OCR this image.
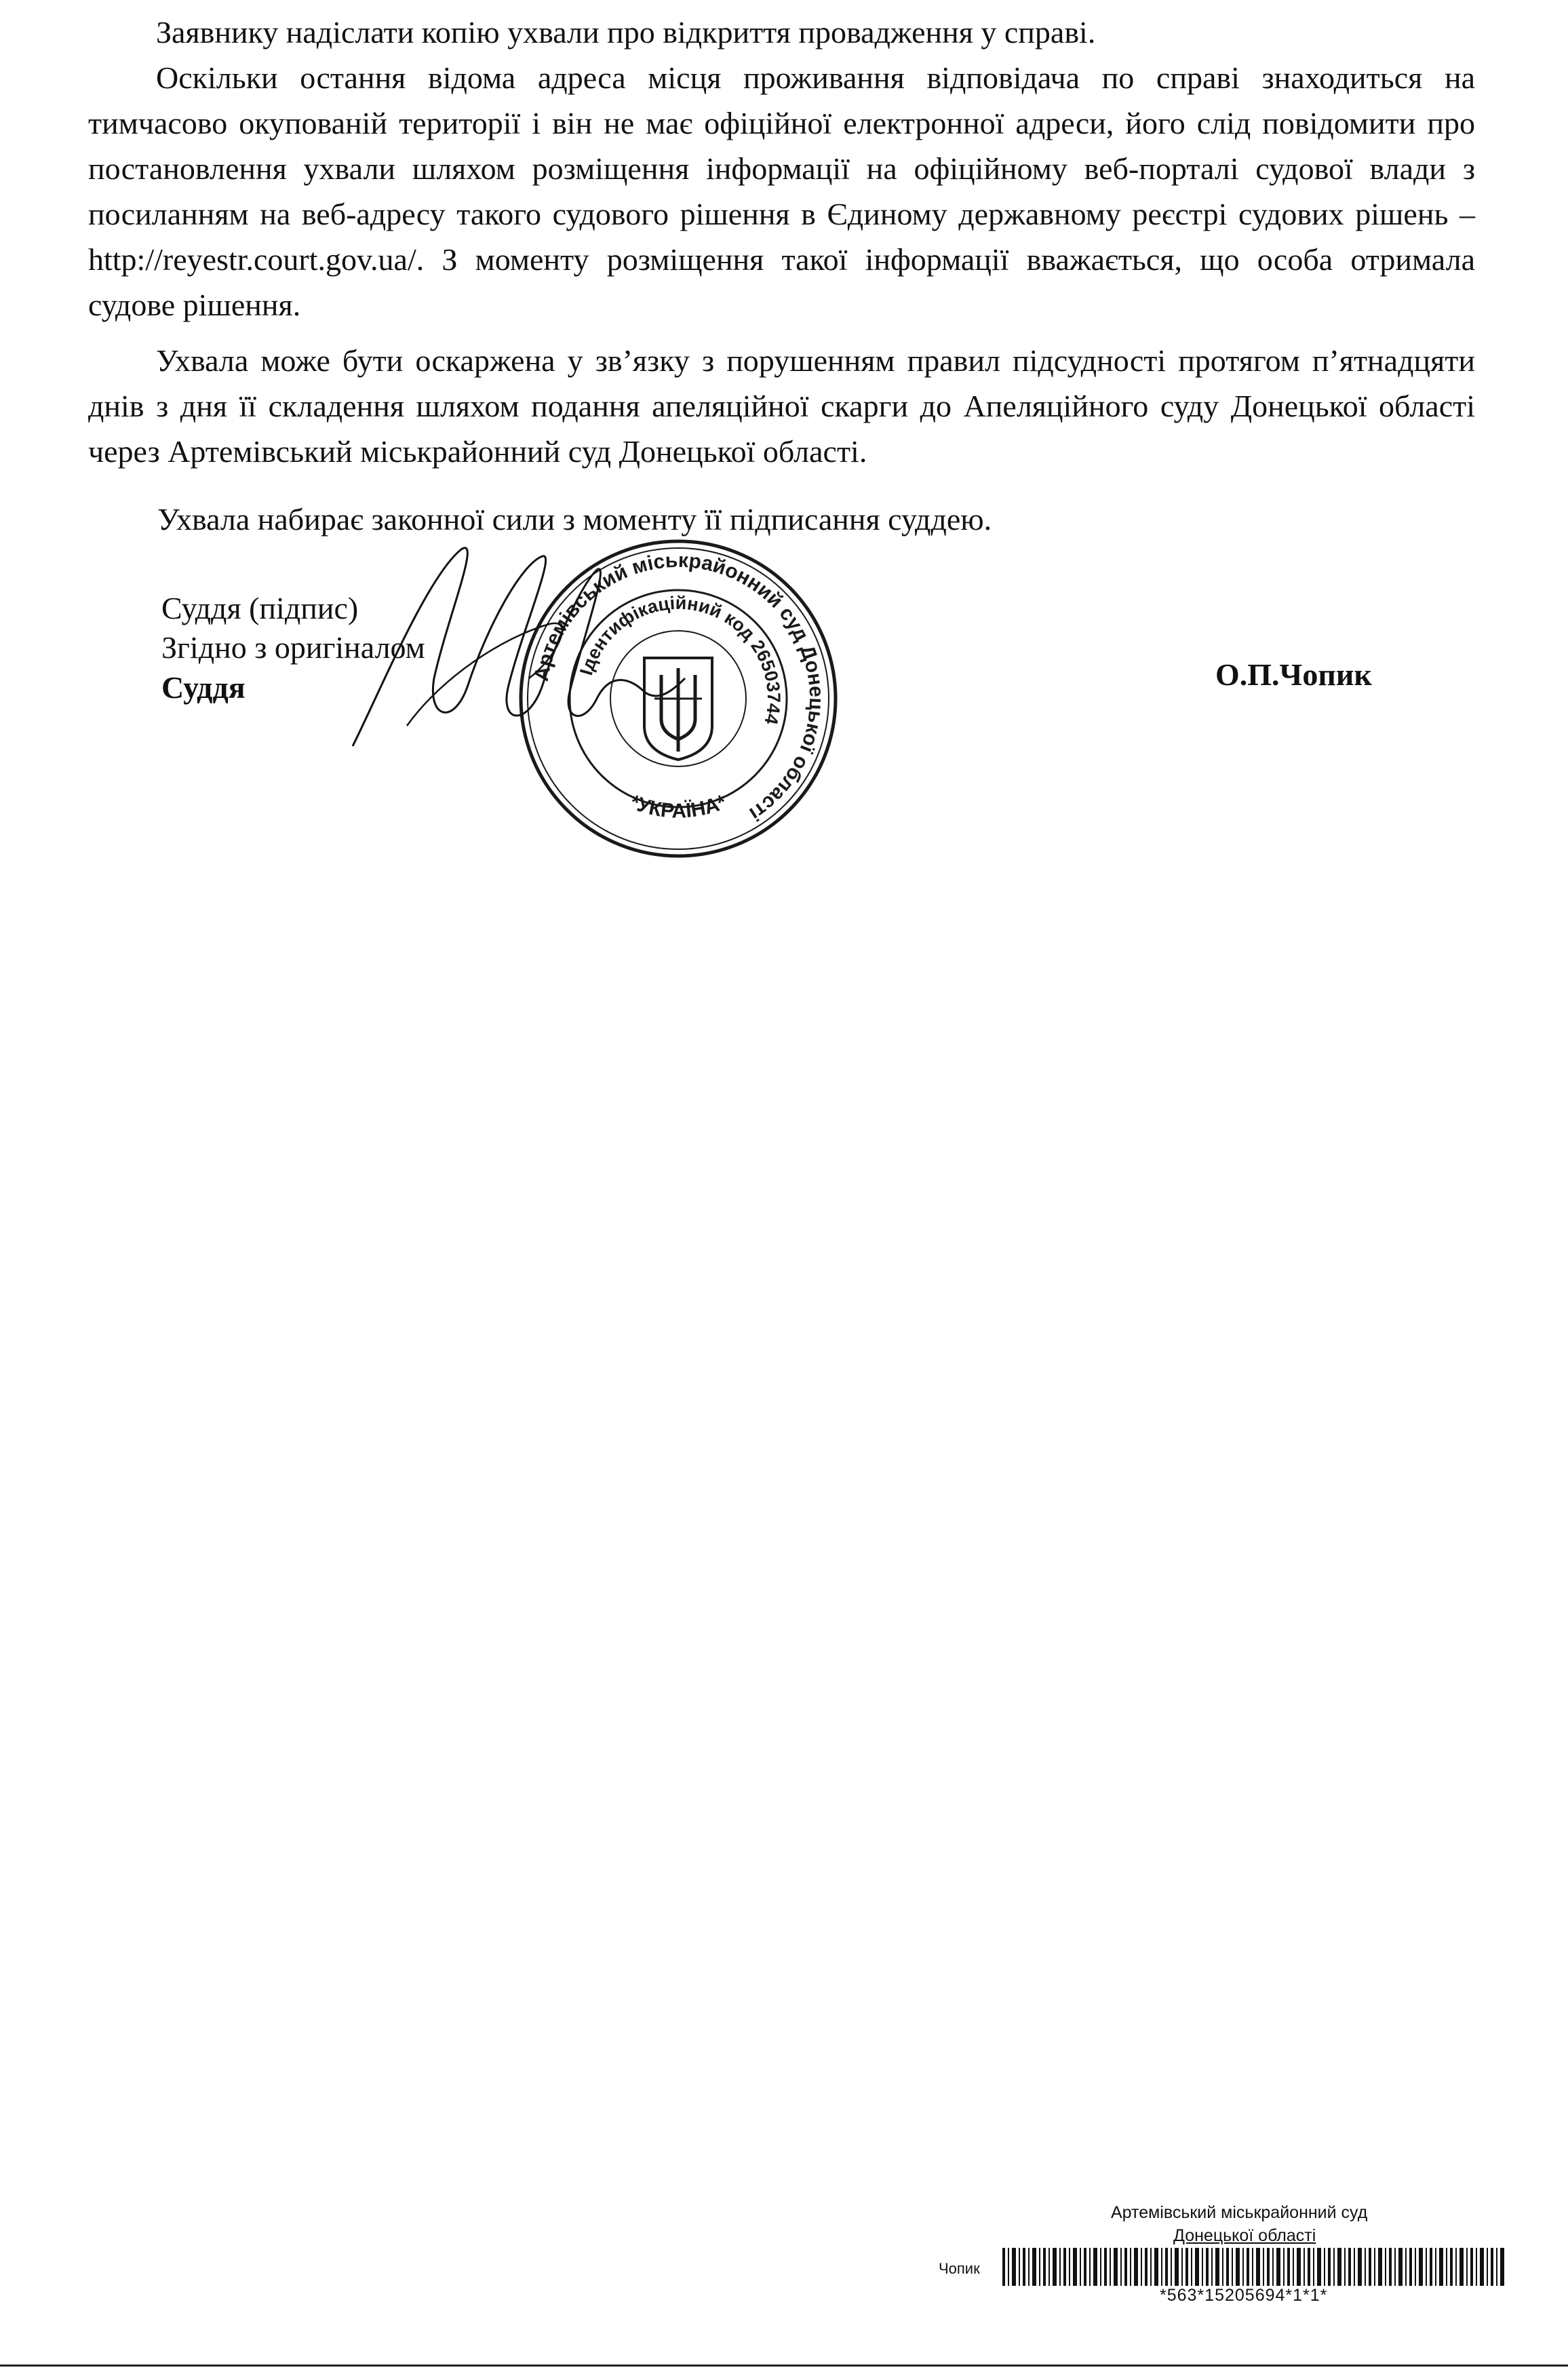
Заявнику надіслати копію ухвали про відкриття провадження у справі.

Оскільки остання відома адреса місця проживання відповідача по справі знаходиться на тимчасово окупованій території і він не має офіційної електронної адреси, його слід повідомити про постановлення ухвали шляхом розміщення інформації на офіційному веб-порталі судової влади з посиланням на веб-адресу такого судового рішення в Єдиному державному реєстрі судових рішень – http://reyestr.court.gov.ua/. З моменту розміщення такої інформації вважається, що особа отримала судове рішення.

Ухвала може бути оскаржена у зв’язку з порушенням правил підсудності протягом п’ятнадцяти днів з дня її складення шляхом подання апеляційної скарги до Апеляційного суду Донецької області через Артемівський міськрайонний суд Донецької області.

Ухвала набирає законної сили з моменту її підписання суддею.
Суддя (підпис)
Згідно з оригіналом
Суддя	О.П.Чопик
Артемівський міськрайонний суд Донецької області
Ідентифікаційний код 26503744
*УКРАЇНА*
Артемівський міськрайонний суд
Донецької області
Чопик
*563*15205694*1*1*
